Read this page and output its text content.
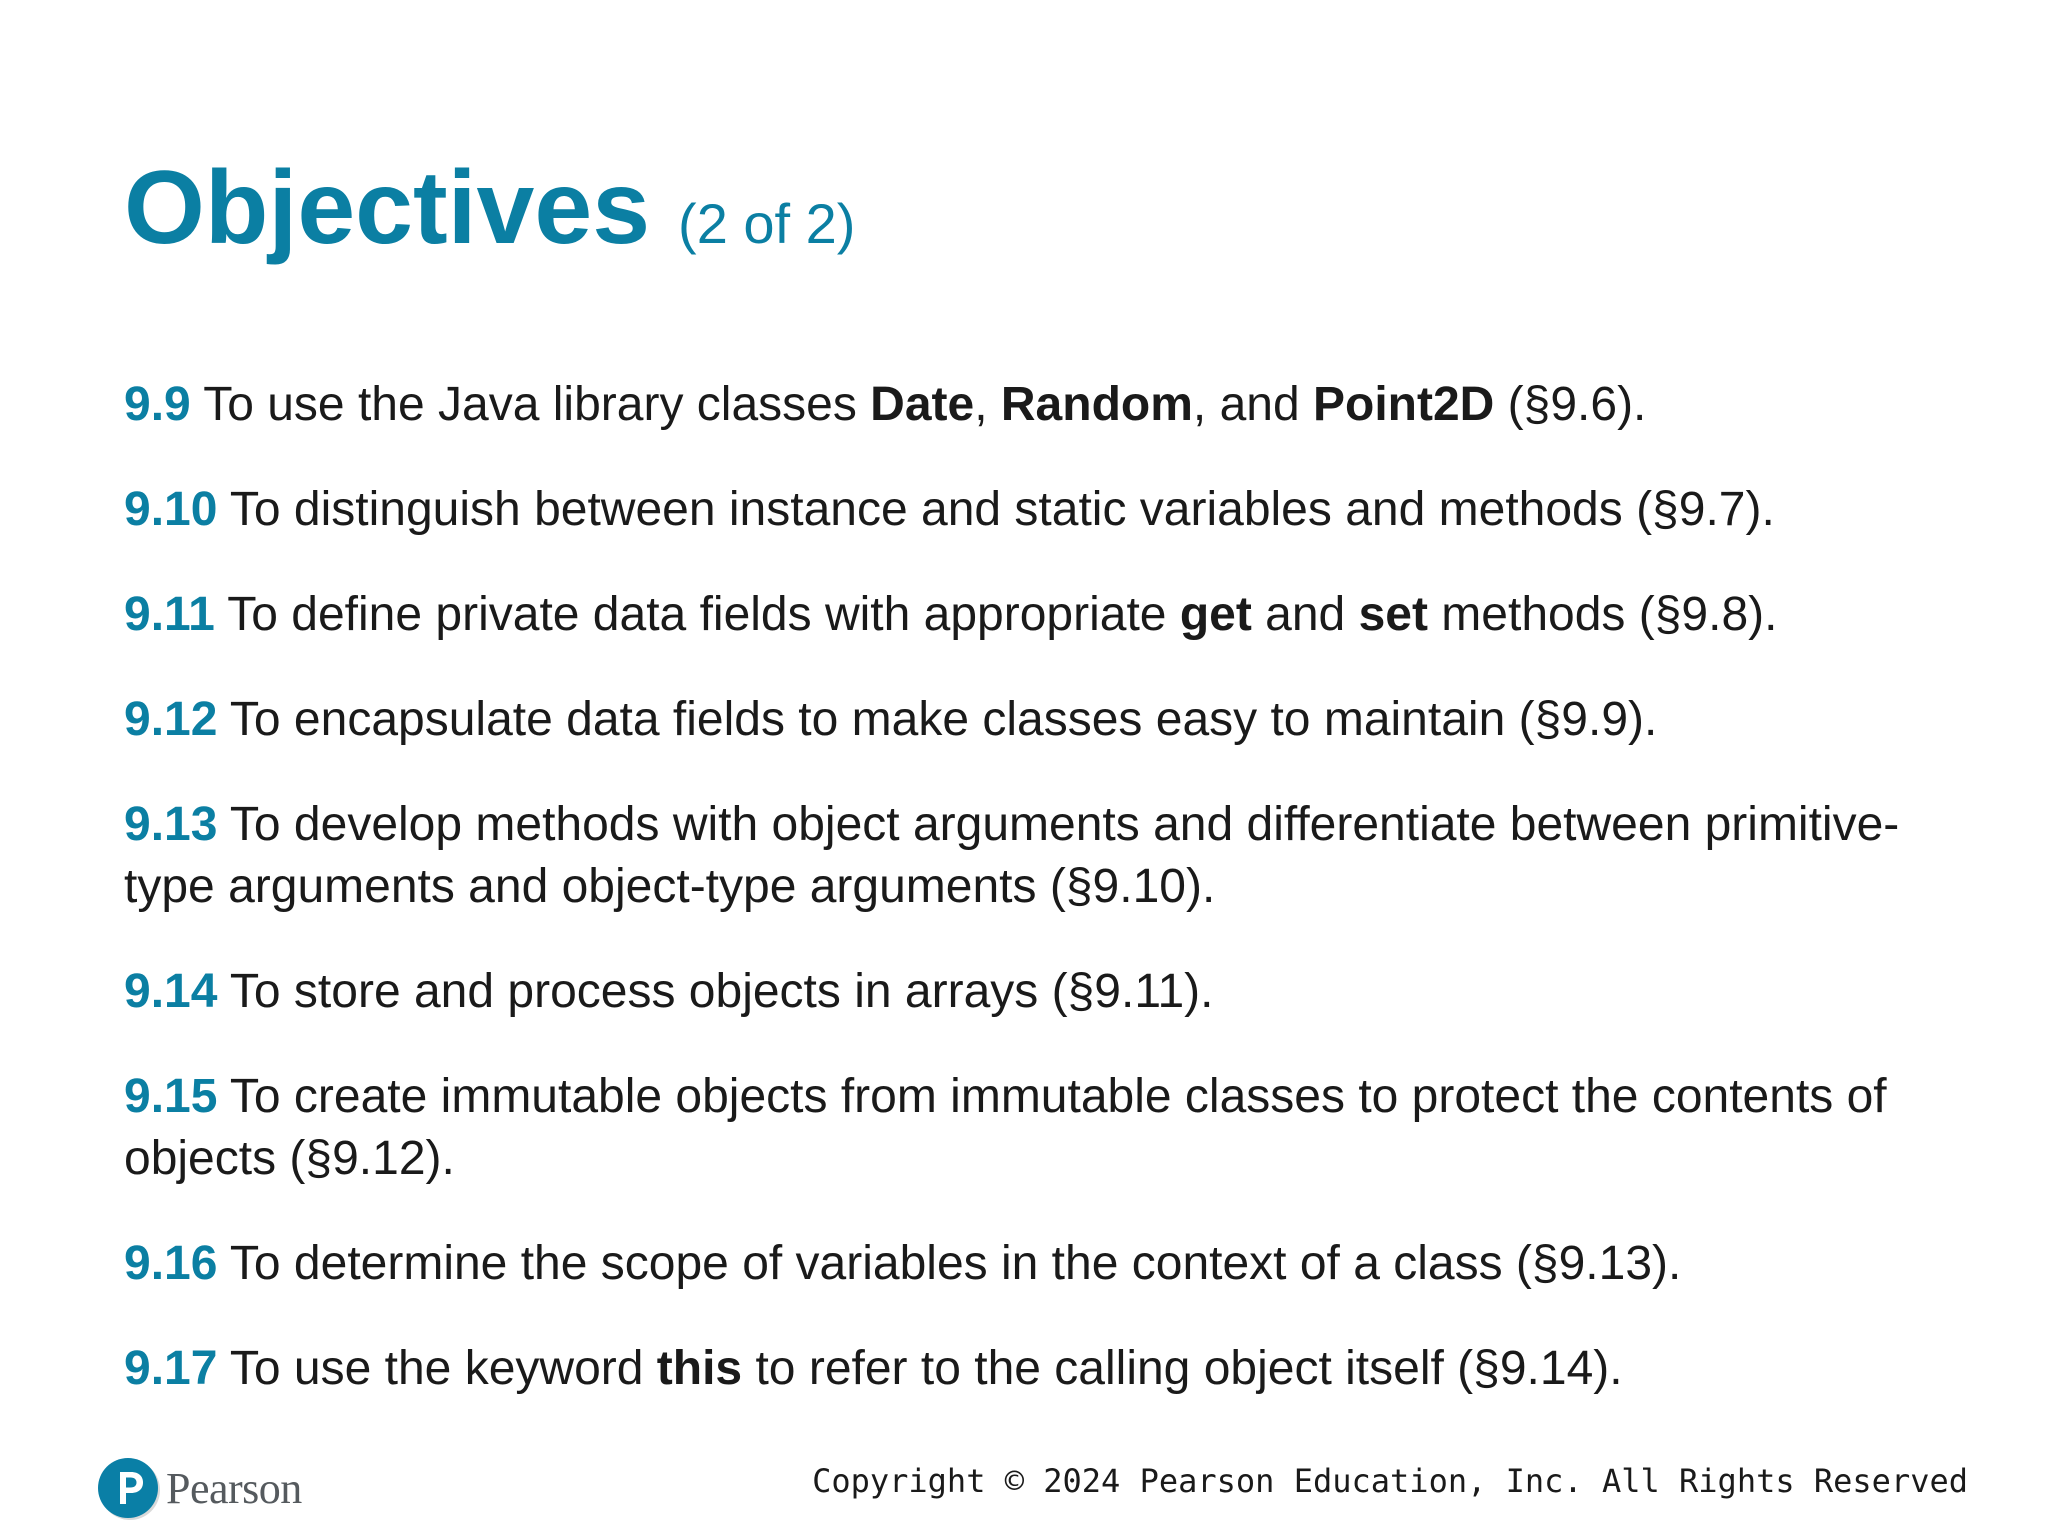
Objectives (2 of 2)
9.9 To use the Java library classes Date, Random, and Point2D (§9.6).
9.10 To distinguish between instance and static variables and methods (§9.7).
9.11 To define private data fields with appropriate get and set methods (§9.8).
9.12 To encapsulate data fields to make classes easy to maintain (§9.9).
9.13 To develop methods with object arguments and differentiate between primitive-type arguments and object-type arguments (§9.10).
9.14 To store and process objects in arrays (§9.11).
9.15 To create immutable objects from immutable classes to protect the contents of objects (§9.12).
9.16 To determine the scope of variables in the context of a class (§9.13).
9.17 To use the keyword this to refer to the calling object itself (§9.14).
Pearson	Copyright © 2024 Pearson Education, Inc. All Rights Reserved
